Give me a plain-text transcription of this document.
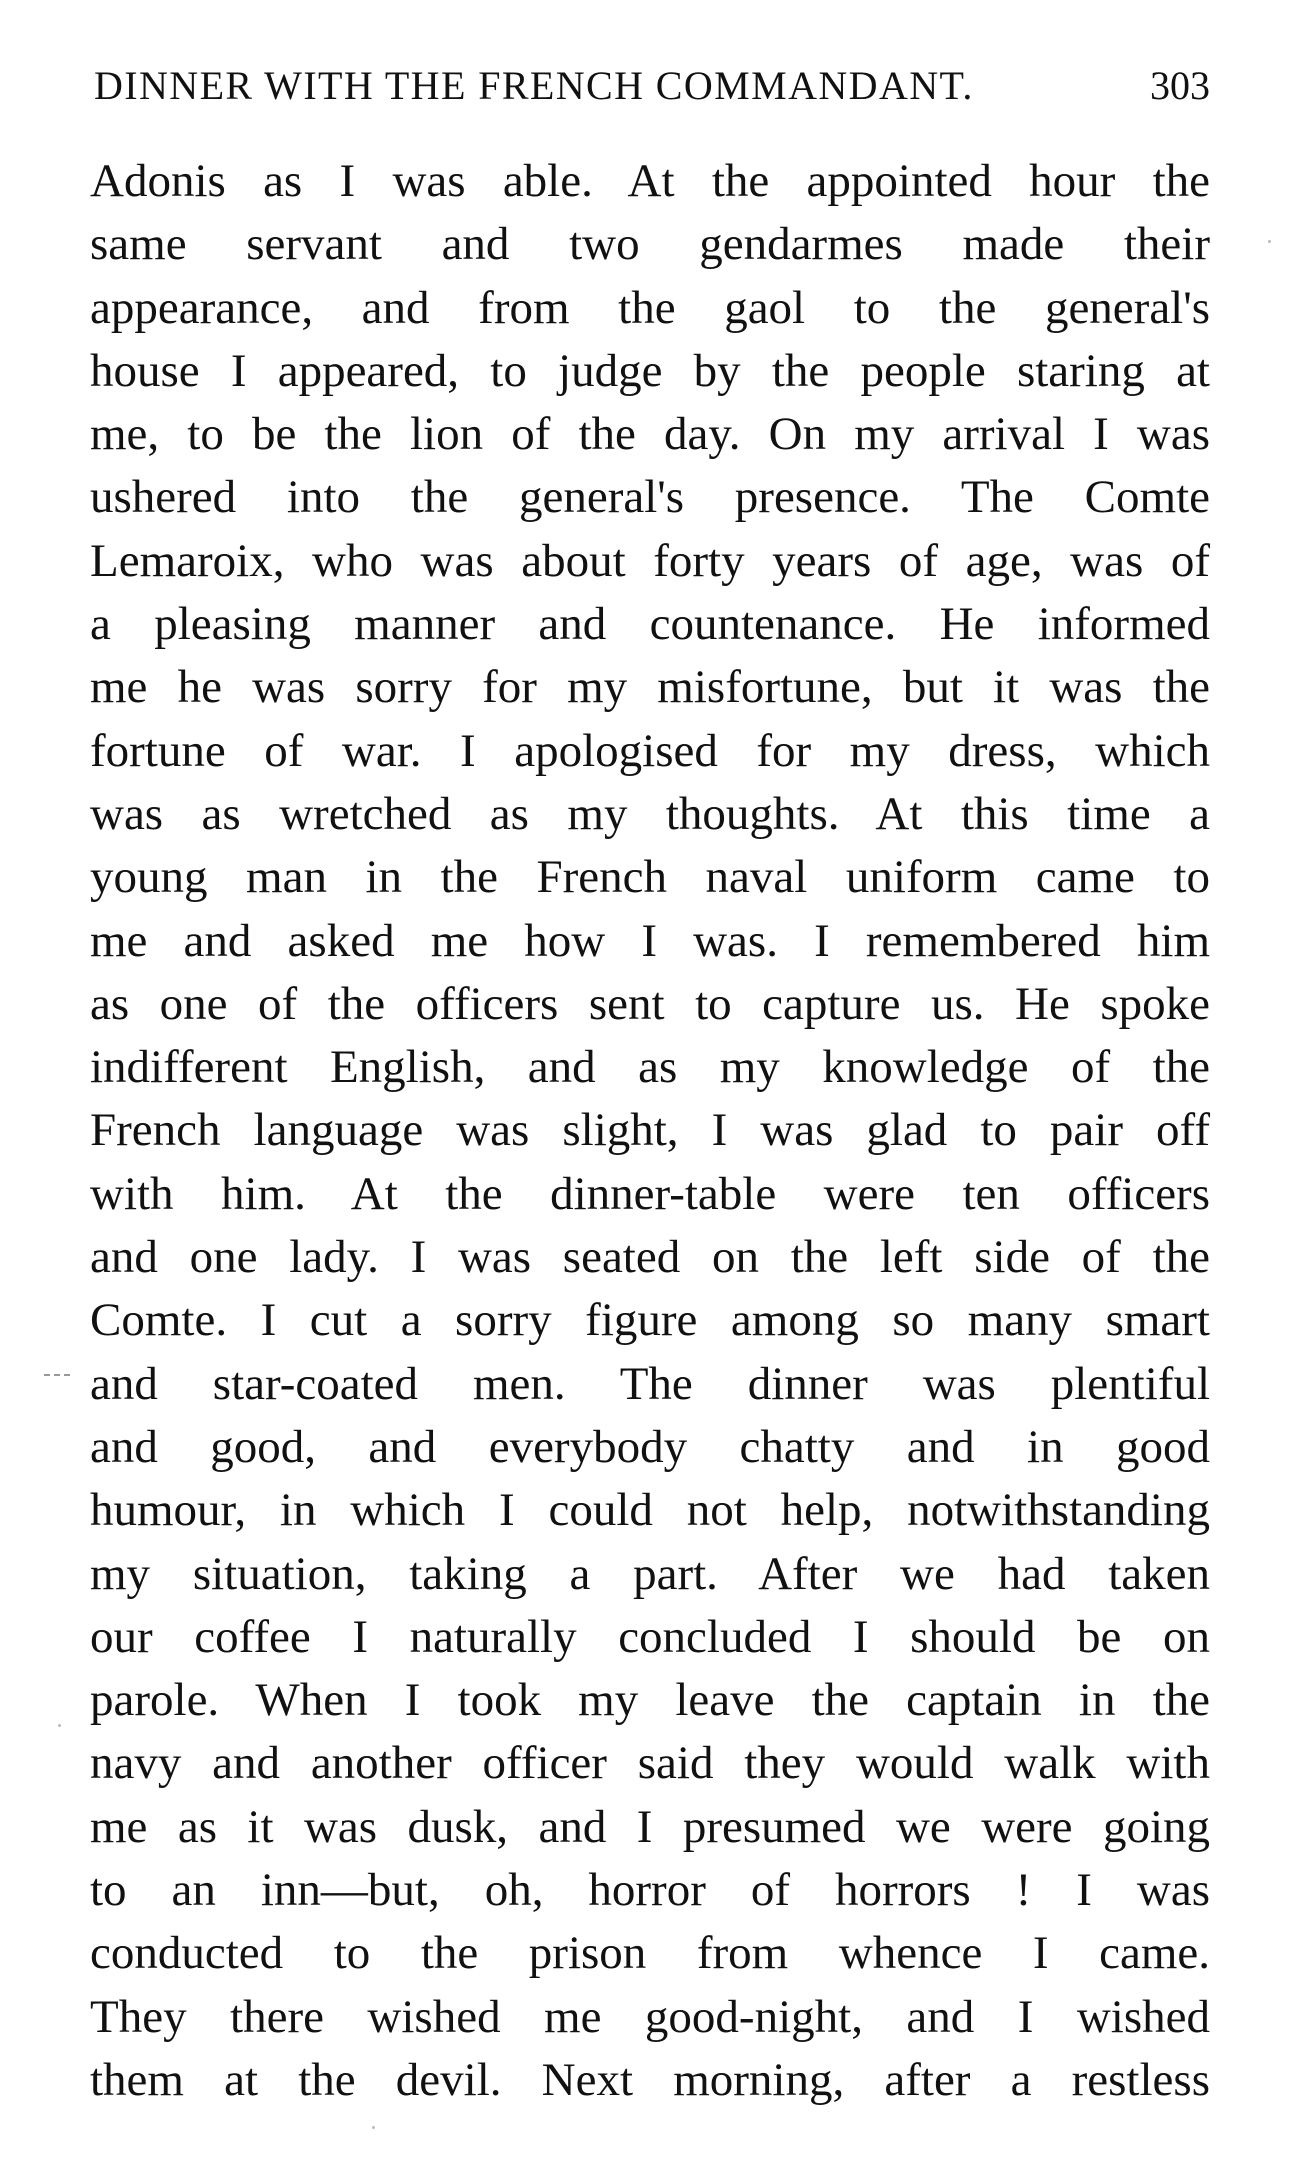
DINNER WITH THE FRENCH COMMANDANT.	303
Adonis as I was able. At the appointed hour the
same servant and two gendarmes made their
appearance, and from the gaol to the general's
house I appeared, to judge by the people staring at
me, to be the lion of the day. On my arrival I was
ushered into the general's presence. The Comte
Lemaroix, who was about forty years of age, was of
a pleasing manner and countenance. He informed
me he was sorry for my misfortune, but it was the
fortune of war. I apologised for my dress, which
was as wretched as my thoughts. At this time a
young man in the French naval uniform came to
me and asked me how I was. I remembered him
as one of the officers sent to capture us. He spoke
indifferent English, and as my knowledge of the
French language was slight, I was glad to pair off
with him. At the dinner-table were ten officers
and one lady. I was seated on the left side of the
Comte. I cut a sorry figure among so many smart
and star-coated men. The dinner was plentiful
and good, and everybody chatty and in good
humour, in which I could not help, notwithstanding
my situation, taking a part. After we had taken
our coffee I naturally concluded I should be on
parole. When I took my leave the captain in the
navy and another officer said they would walk with
me as it was dusk, and I presumed we were going
to an inn—but, oh, horror of horrors ! I was
conducted to the prison from whence I came.
They there wished me good-night, and I wished
them at the devil. Next morning, after a restless
